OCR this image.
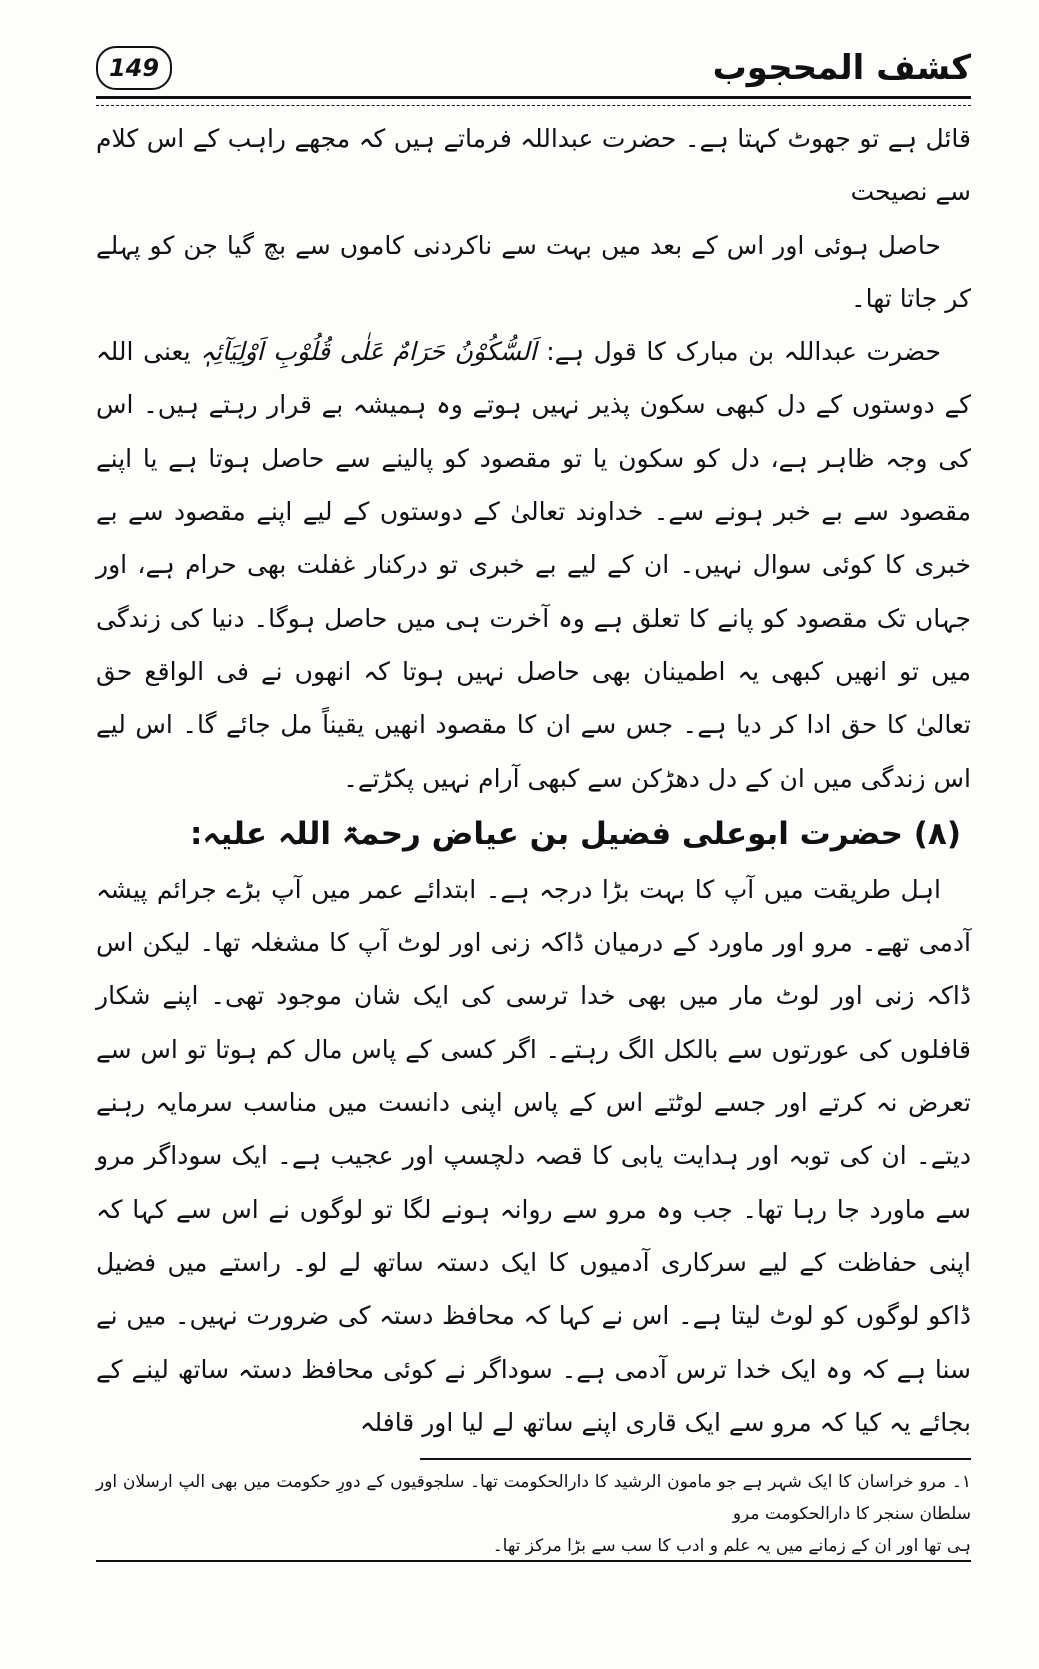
149	کشف المحجوب

قائل ہے تو جھوٹ کہتا ہے۔ حضرت عبداللہ فرماتے ہیں کہ مجھے راہب کے اس کلام سے نصیحت

حاصل ہوئی اور اس کے بعد میں بہت سے ناکردنی کاموں سے بچ گیا جن کو پہلے کر جاتا تھا۔

حضرت عبداللہ بن مبارک کا قول ہے: اَلسُّکُوْنُ حَرَامٌ عَلٰی قُلُوْبِ اَوْلِیَآئِہٖ یعنی اللہ کے دوستوں کے دل کبھی سکون پذیر نہیں ہوتے وہ ہمیشہ بے قرار رہتے ہیں۔ اس کی وجہ ظاہر ہے، دل کو سکون یا تو مقصود کو پالینے سے حاصل ہوتا ہے یا اپنے مقصود سے بے خبر ہونے سے۔ خداوند تعالیٰ کے دوستوں کے لیے اپنے مقصود سے بے خبری کا کوئی سوال نہیں۔ ان کے لیے بے خبری تو درکنار غفلت بھی حرام ہے، اور جہاں تک مقصود کو پانے کا تعلق ہے وہ آخرت ہی میں حاصل ہوگا۔ دنیا کی زندگی میں تو انھیں کبھی یہ اطمینان بھی حاصل نہیں ہوتا کہ انھوں نے فی الواقع حق تعالیٰ کا حق ادا کر دیا ہے۔ جس سے ان کا مقصود انھیں یقیناً مل جائے گا۔ اس لیے اس زندگی میں ان کے دل دھڑکن سے کبھی آرام نہیں پکڑتے۔

(۸) حضرت ابوعلی فضیل بن عیاض رحمۃ اللہ علیہ:

اہل طریقت میں آپ کا بہت بڑا درجہ ہے۔ ابتدائے عمر میں آپ بڑے جرائم پیشہ آدمی تھے۔ مرو اور ماورد کے درمیان ڈاکہ زنی اور لوٹ آپ کا مشغلہ تھا۔ لیکن اس ڈاکہ زنی اور لوٹ مار میں بھی خدا ترسی کی ایک شان موجود تھی۔ اپنے شکار قافلوں کی عورتوں سے بالکل الگ رہتے۔ اگر کسی کے پاس مال کم ہوتا تو اس سے تعرض نہ کرتے اور جسے لوٹتے اس کے پاس اپنی دانست میں مناسب سرمایہ رہنے دیتے۔ ان کی توبہ اور ہدایت یابی کا قصہ دلچسپ اور عجیب ہے۔ ایک سوداگر مرو سے ماورد جا رہا تھا۔ جب وہ مرو سے روانہ ہونے لگا تو لوگوں نے اس سے کہا کہ اپنی حفاظت کے لیے سرکاری آدمیوں کا ایک دستہ ساتھ لے لو۔ راستے میں فضیل ڈاکو لوگوں کو لوٹ لیتا ہے۔ اس نے کہا کہ محافظ دستہ کی ضرورت نہیں۔ میں نے سنا ہے کہ وہ ایک خدا ترس آدمی ہے۔ سوداگر نے کوئی محافظ دستہ ساتھ لینے کے بجائے یہ کیا کہ مرو سے ایک قاری اپنے ساتھ لے لیا اور قافلہ

۱۔ مرو خراسان کا ایک شہر ہے جو مامون الرشید کا دارالحکومت تھا۔ سلجوقیوں کے دورِ حکومت میں بھی الپ ارسلان اور سلطان سنجر کا دارالحکومت مرو

ہی تھا اور ان کے زمانے میں یہ علم و ادب کا سب سے بڑا مرکز تھا۔
